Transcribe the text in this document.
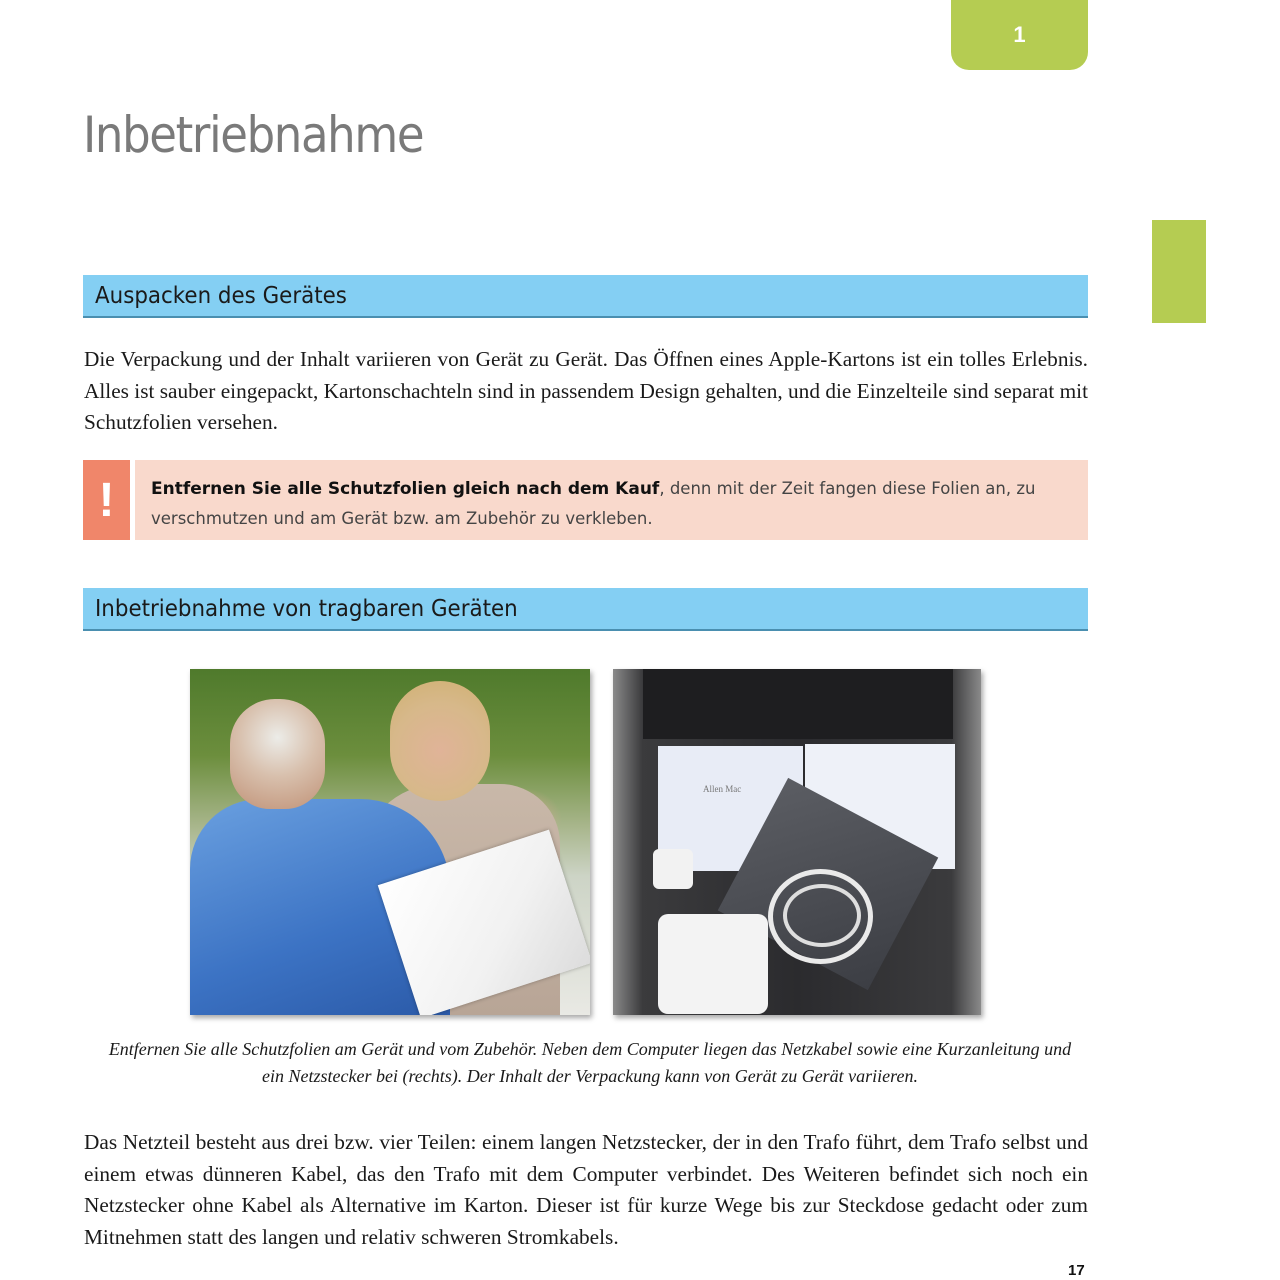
1
Inbetriebnahme
Auspacken des Gerätes

Die Verpackung und der Inhalt variieren von Gerät zu Gerät. Das Öffnen eines Apple-Kartons ist ein tolles Erlebnis. Alles ist sauber eingepackt, Kartonschachteln sind in passendem Design gehalten, und die Einzelteile sind separat mit Schutzfolien versehen.

!	Entfernen Sie alle Schutzfolien gleich nach dem Kauf, denn mit der Zeit fangen diese Folien an, zu verschmutzen und am Gerät bzw. am Zubehör zu verkleben.
Inbetriebnahme von tragbaren Geräten
Allen Mac

Entfernen Sie alle Schutzfolien am Gerät und vom Zubehör. Neben dem Computer liegen das Netzkabel sowie eine Kurzanleitung und ein Netzstecker bei (rechts). Der Inhalt der Verpackung kann von Gerät zu Gerät variieren.

Das Netzteil besteht aus drei bzw. vier Teilen: einem langen Netzstecker, der in den Trafo führt, dem Trafo selbst und einem etwas dünneren Kabel, das den Trafo mit dem Computer verbindet. Des Weiteren befindet sich noch ein Netzstecker ohne Kabel als Alternative im Karton. Dieser ist für kurze Wege bis zur Steckdose gedacht oder zum Mitnehmen statt des langen und relativ schweren Stromkabels.

17
